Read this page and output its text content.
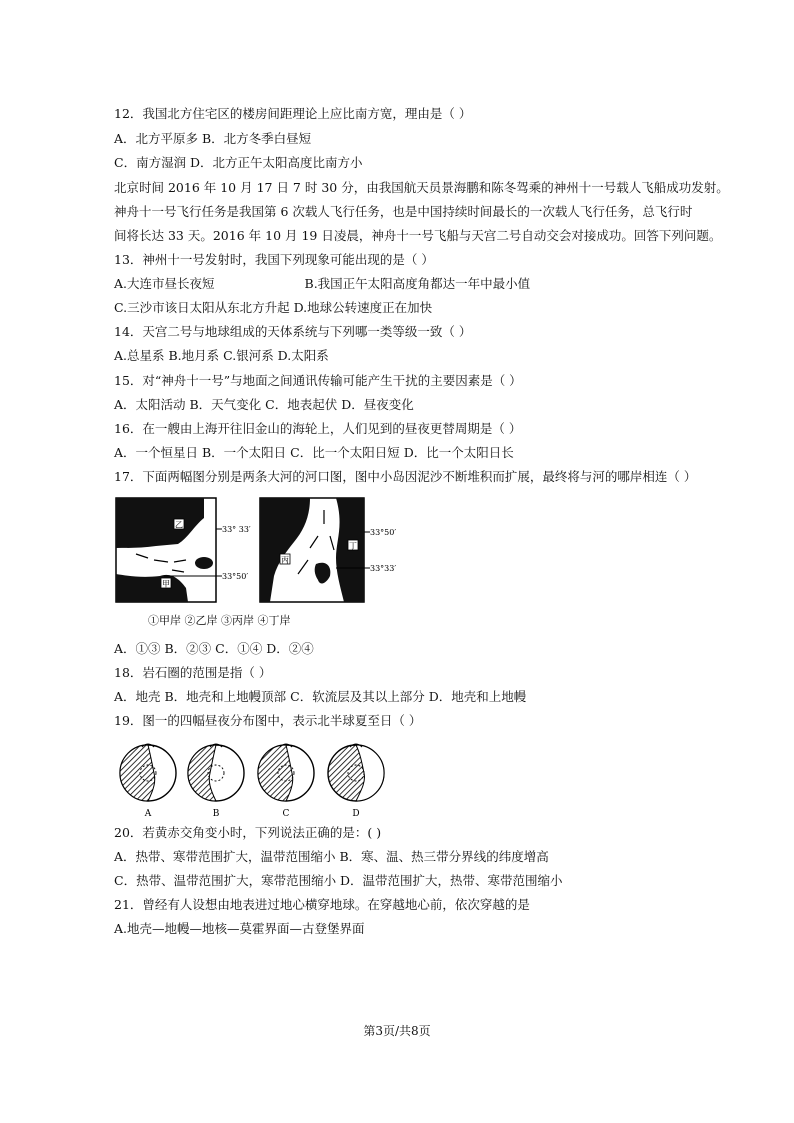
12．我国北方住宅区的楼房间距理论上应比南方宽，理由是（ ）
A．北方平原多 B．北方冬季白昼短
C．南方湿润 D．北方正午太阳高度比南方小
北京时间 2016 年 10 月 17 日 7 时 30 分，由我国航天员景海鹏和陈冬驾乘的神州十一号载人飞船成功发射。
神舟十一号飞行任务是我国第 6 次载人飞行任务，也是中国持续时间最长的一次载人飞行任务，总飞行时
间将长达 33 天。2016 年 10 月 19 日凌晨，神舟十一号飞船与天宫二号自动交会对接成功。回答下列问题。
13．神州十一号发射时，我国下列现象可能出现的是（ ）
A.大连市昼长夜短	B.我国正午太阳高度角都达一年中最小值
C.三沙市该日太阳从东北方升起 D.地球公转速度正在加快
14．天宫二号与地球组成的天体系统与下列哪一类等级一致（ ）
A.总星系 B.地月系 C.银河系 D.太阳系
15．对“神舟十一号”与地面之间通讯传输可能产生干扰的主要因素是（ ）
A．太阳活动 B．天气变化 C．地表起伏 D．昼夜变化
16．在一艘由上海开往旧金山的海轮上，人们见到的昼夜更替周期是（ ）
A．一个恒星日 B．一个太阳日 C．比一个太阳日短 D．比一个太阳日长
17．下面两幅图分别是两条大河的河口图，图中小岛因泥沙不断堆积而扩展，最终将与河的哪岸相连（ ）
乙
甲
33° 33′
33°50′
丙
丁
33°50′
33°33′
①甲岸 ②乙岸 ③丙岸 ④丁岸
A．①③ B．②③ C．①④ D．②④
18．岩石圈的范围是指（ ）
A．地壳 B．地壳和上地幔顶部 C．软流层及其以上部分 D．地壳和上地幔
19．图一的四幅昼夜分布图中，表示北半球夏至日（ ）
A	B	C	D
20．若黄赤交角变小时，下列说法正确的是：( )
A．热带、寒带范围扩大，温带范围缩小 B．寒、温、热三带分界线的纬度增高
C．热带、温带范围扩大，寒带范围缩小 D．温带范围扩大，热带、寒带范围缩小
21．曾经有人设想由地表进过地心横穿地球。在穿越地心前，依次穿越的是
A.地壳—地幔—地核—莫霍界面—古登堡界面
第3页/共8页
